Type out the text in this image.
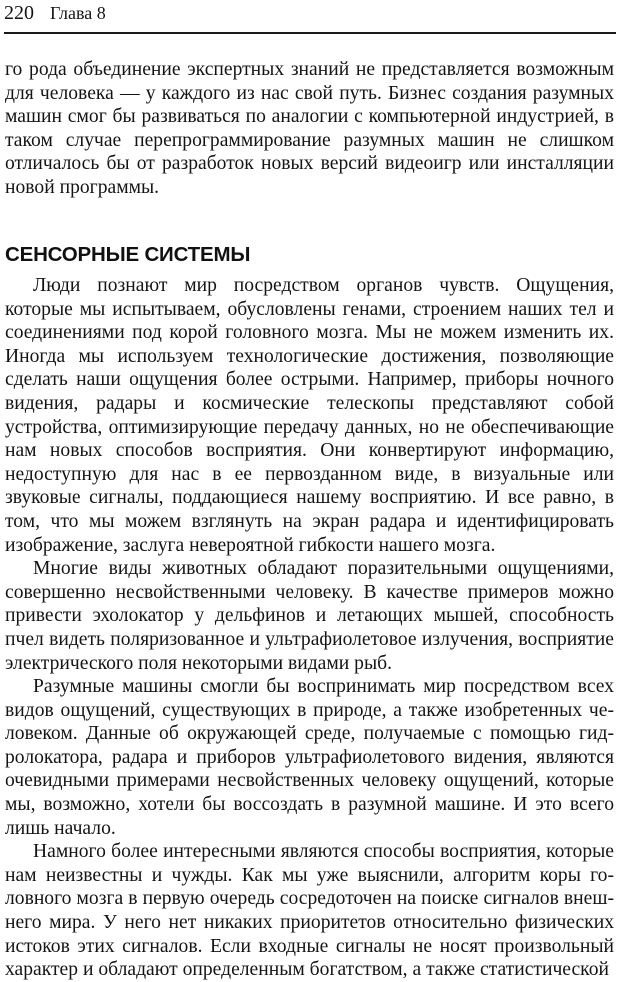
220 Глава 8

го рода объединение экспертных знаний не представляется возможным для человека — у каждого из нас свой путь. Бизнес создания разумных машин смог бы развиваться по аналогии с компьютерной индустрией, в таком случае перепрограммирование разумных машин не слишком отличалось бы от разработок новых версий видеоигр или инсталляции новой программы.

СЕНСОРНЫЕ СИСТЕМЫ

Люди познают мир посредством органов чувств. Ощущения, которые мы испытываем, обусловлены генами, строением наших тел и соединениями под корой головного мозга. Мы не можем изменить их. Иногда мы используем технологические достижения, позволяющие сделать наши ощущения более острыми. Например, приборы ночного видения, радары и космические телескопы представляют собой устройства, оптимизирующие передачу данных, но не обеспечивающие нам новых способов восприятия. Они конвертируют информацию, недоступную для нас в ее первозданном виде, в визуальные или звуковые сигналы, поддающиеся нашему восприятию. И все равно, в том, что мы можем взглянуть на экран радара и идентифицировать изображение, заслуга невероятной гибкости нашего мозга.

Многие виды животных обладают поразительными ощущениями, совершенно несвойственными человеку. В качестве примеров можно привести эхолокатор у дельфинов и летающих мышей, способность пчел видеть поляризованное и ультрафиолетовое излучения, восприятие электрического поля некоторыми видами рыб.

Разумные машины смогли бы воспринимать мир посредством всех видов ощущений, существующих в природе, а также изобретенных человеком. Данные об окружающей среде, получаемые с помощью гидролокатора, радара и приборов ультрафиолетового видения, являются очевидными примерами несвойственных человеку ощущений, которые мы, возможно, хотели бы воссоздать в разумной машине. И это всего лишь начало.

Намного более интересными являются способы восприятия, которые нам неизвестны и чужды. Как мы уже выяснили, алгоритм коры головного мозга в первую очередь сосредоточен на поиске сигналов внешнего мира. У него нет никаких приоритетов относительно физических истоков этих сигналов. Если входные сигналы не носят произвольный характер и обладают определенным богатством, а также статистической
